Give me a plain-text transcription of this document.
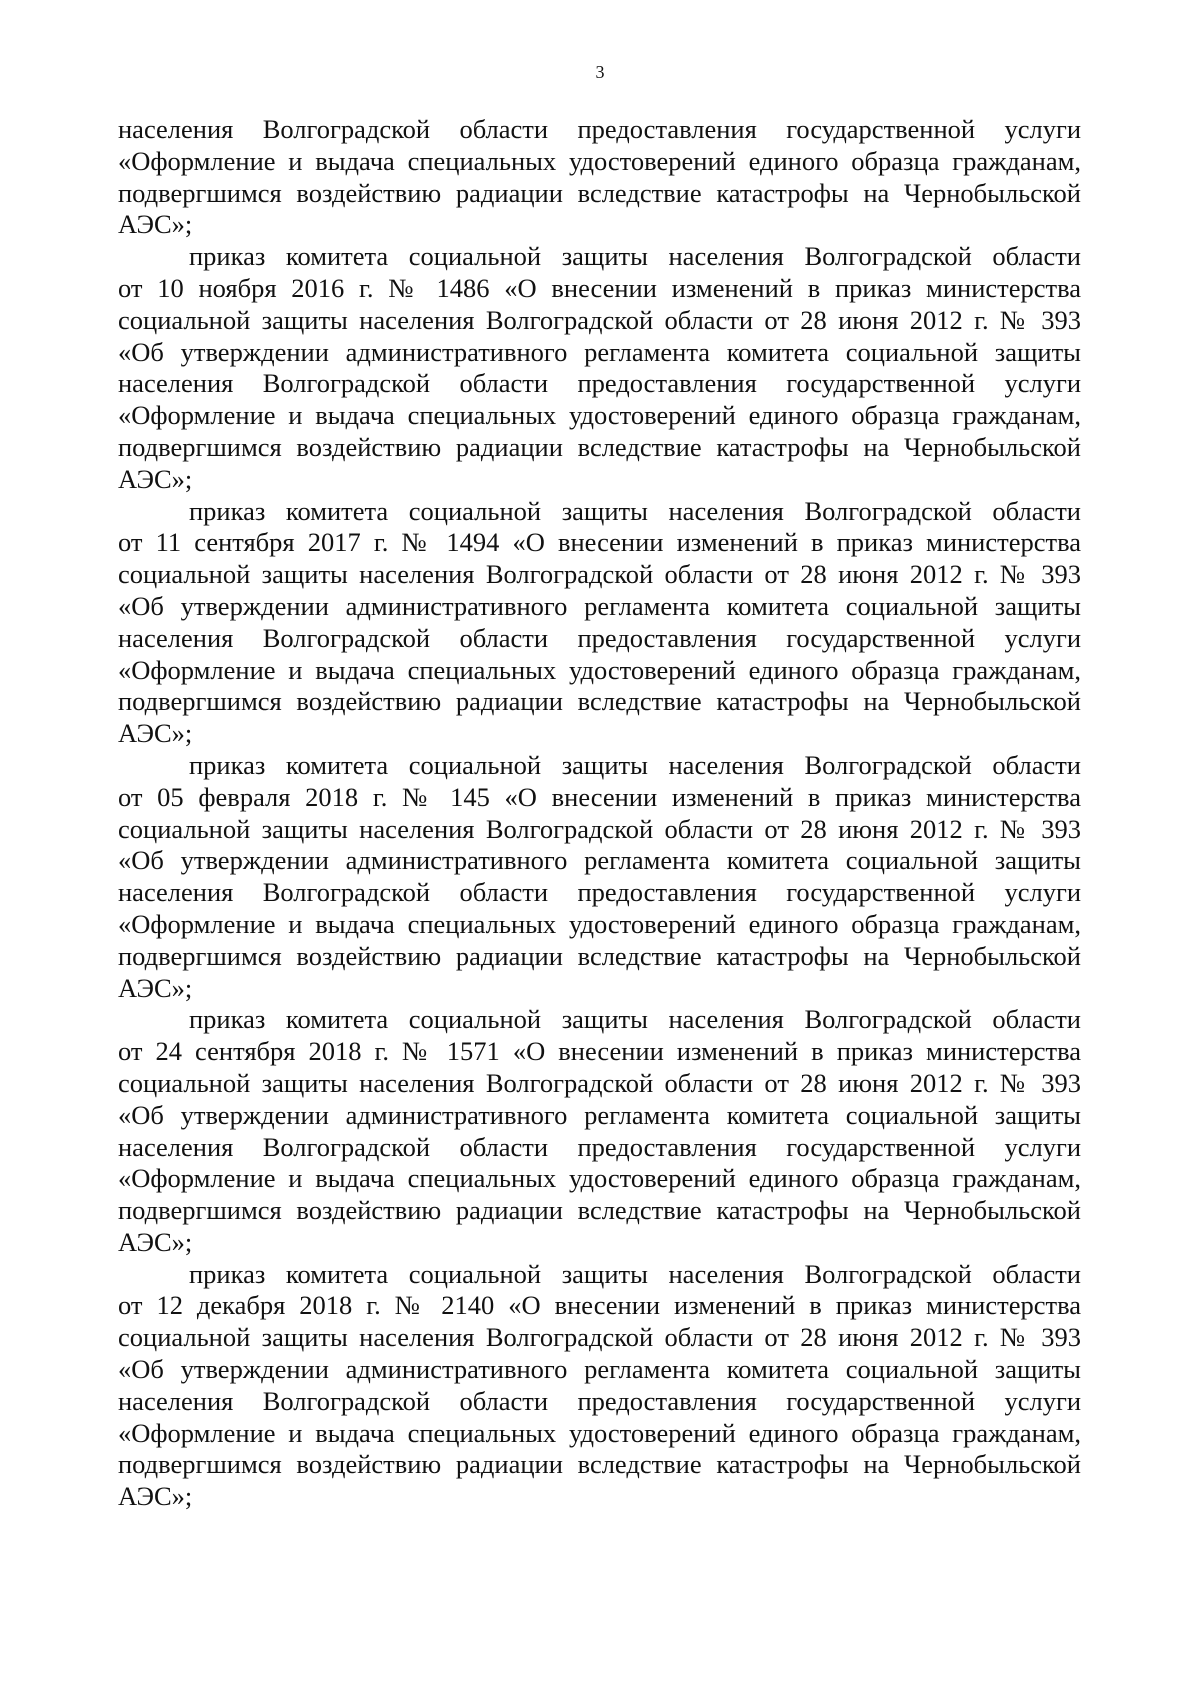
3
населения Волгоградской области предоставления государственной услуги
«Оформление и выдача специальных удостоверений единого образца гражданам,
подвергшимся воздействию радиации вследствие катастрофы на Чернобыльской
АЭС»;
приказ комитета социальной защиты населения Волгоградской области
от 10 ноября 2016 г. № 1486 «О внесении изменений в приказ министерства
социальной защиты населения Волгоградской области от 28 июня 2012 г. № 393
«Об утверждении административного регламента комитета социальной защиты
населения Волгоградской области предоставления государственной услуги
«Оформление и выдача специальных удостоверений единого образца гражданам,
подвергшимся воздействию радиации вследствие катастрофы на Чернобыльской
АЭС»;
приказ комитета социальной защиты населения Волгоградской области
от 11 сентября 2017 г. № 1494 «О внесении изменений в приказ министерства
социальной защиты населения Волгоградской области от 28 июня 2012 г. № 393
«Об утверждении административного регламента комитета социальной защиты
населения Волгоградской области предоставления государственной услуги
«Оформление и выдача специальных удостоверений единого образца гражданам,
подвергшимся воздействию радиации вследствие катастрофы на Чернобыльской
АЭС»;
приказ комитета социальной защиты населения Волгоградской области
от 05 февраля 2018 г. № 145 «О внесении изменений в приказ министерства
социальной защиты населения Волгоградской области от 28 июня 2012 г. № 393
«Об утверждении административного регламента комитета социальной защиты
населения Волгоградской области предоставления государственной услуги
«Оформление и выдача специальных удостоверений единого образца гражданам,
подвергшимся воздействию радиации вследствие катастрофы на Чернобыльской
АЭС»;
приказ комитета социальной защиты населения Волгоградской области
от 24 сентября 2018 г. № 1571 «О внесении изменений в приказ министерства
социальной защиты населения Волгоградской области от 28 июня 2012 г. № 393
«Об утверждении административного регламента комитета социальной защиты
населения Волгоградской области предоставления государственной услуги
«Оформление и выдача специальных удостоверений единого образца гражданам,
подвергшимся воздействию радиации вследствие катастрофы на Чернобыльской
АЭС»;
приказ комитета социальной защиты населения Волгоградской области
от 12 декабря 2018 г. № 2140 «О внесении изменений в приказ министерства
социальной защиты населения Волгоградской области от 28 июня 2012 г. № 393
«Об утверждении административного регламента комитета социальной защиты
населения Волгоградской области предоставления государственной услуги
«Оформление и выдача специальных удостоверений единого образца гражданам,
подвергшимся воздействию радиации вследствие катастрофы на Чернобыльской
АЭС»;
